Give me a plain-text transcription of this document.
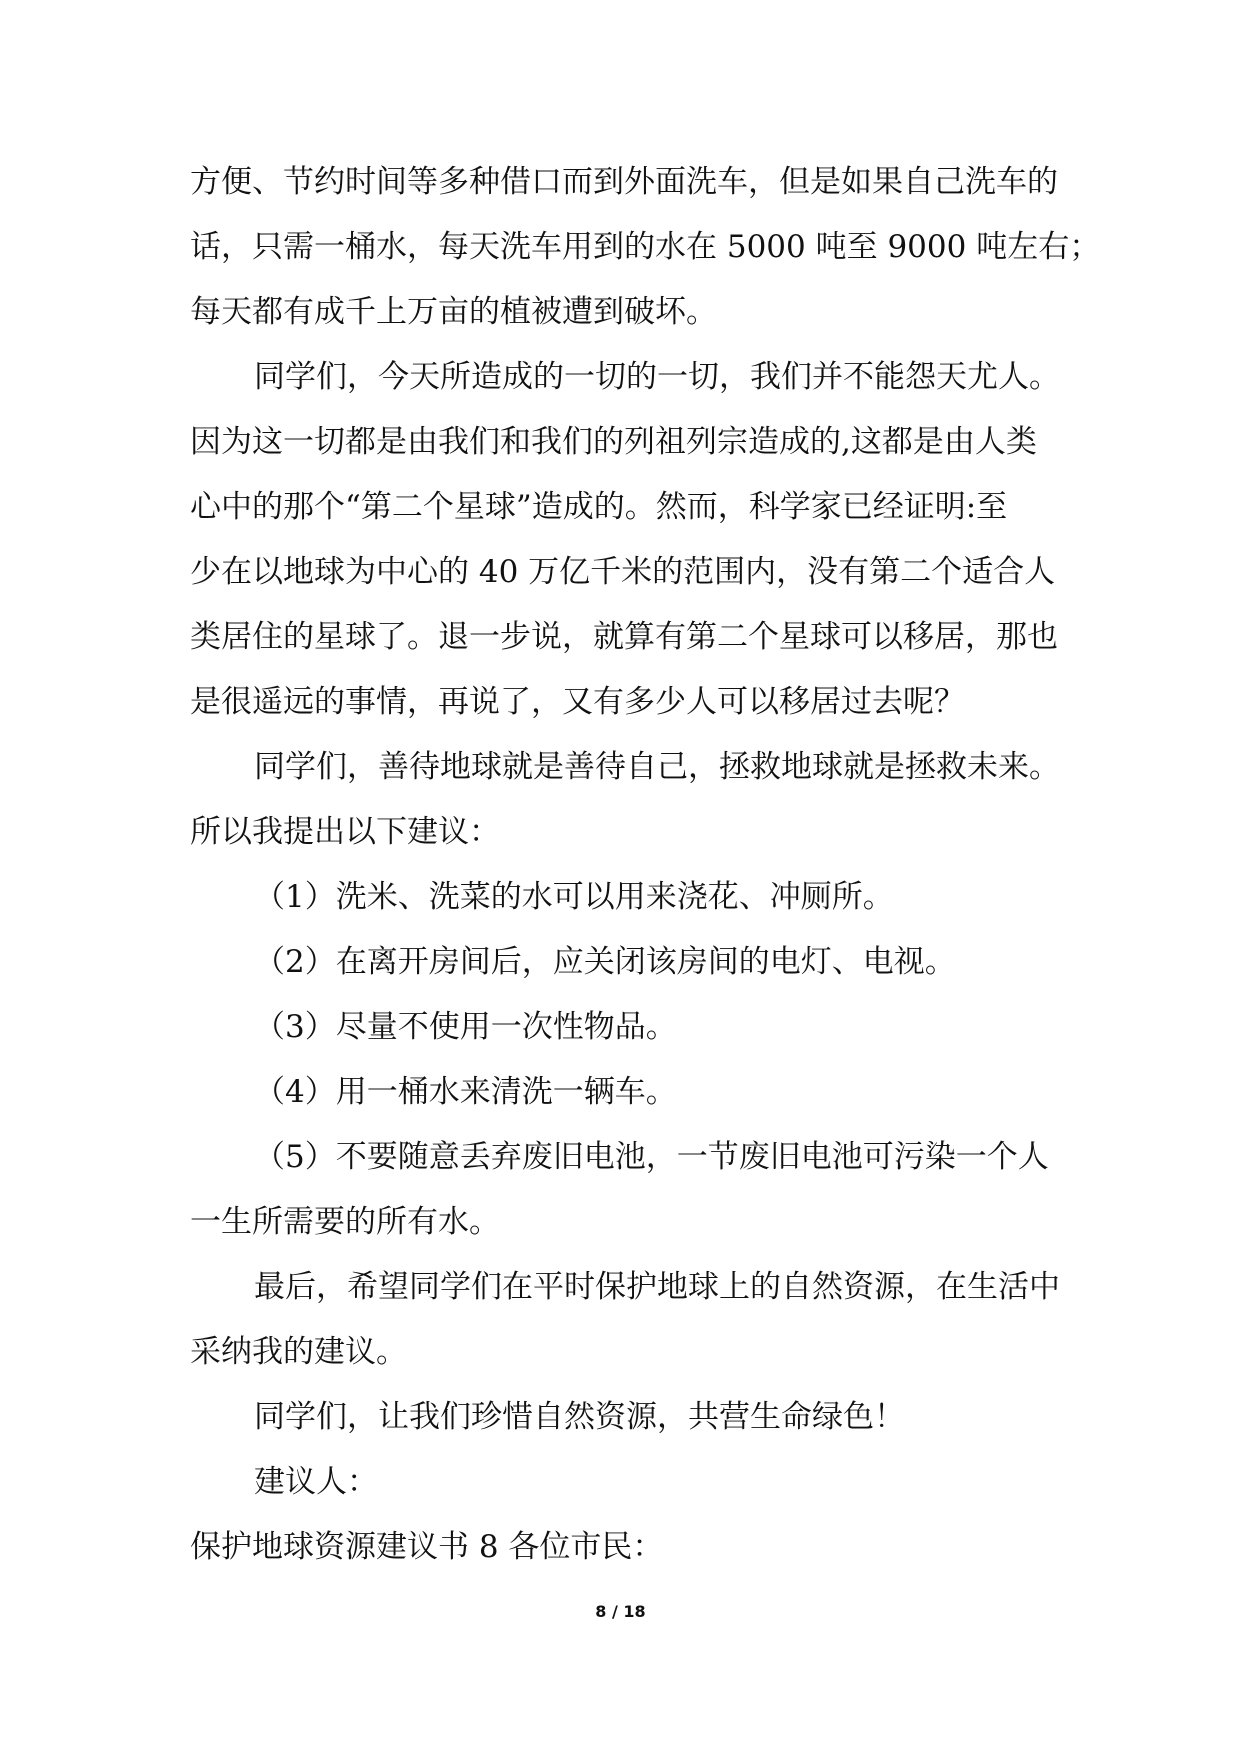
方便、节约时间等多种借口而到外面洗车，但是如果自己洗车的
话，只需一桶水，每天洗车用到的水在 5000 吨至 9000 吨左右；
每天都有成千上万亩的植被遭到破坏。
同学们，今天所造成的一切的一切，我们并不能怨天尤人。
因为这一切都是由我们和我们的列祖列宗造成的,这都是由人类
心中的那个“第二个星球”造成的。然而，科学家已经证明:至
少在以地球为中心的 40 万亿千米的范围内，没有第二个适合人
类居住的星球了。退一步说，就算有第二个星球可以移居，那也
是很遥远的事情，再说了，又有多少人可以移居过去呢？
同学们，善待地球就是善待自己，拯救地球就是拯救未来。
所以我提出以下建议：
（1）洗米、洗菜的水可以用来浇花、冲厕所。
（2）在离开房间后，应关闭该房间的电灯、电视。
（3）尽量不使用一次性物品。
（4）用一桶水来清洗一辆车。
（5）不要随意丢弃废旧电池，一节废旧电池可污染一个人
一生所需要的所有水。
最后，希望同学们在平时保护地球上的自然资源，在生活中
采纳我的建议。
同学们，让我们珍惜自然资源，共营生命绿色！
建议人：
保护地球资源建议书 8 各位市民：
8 / 18
